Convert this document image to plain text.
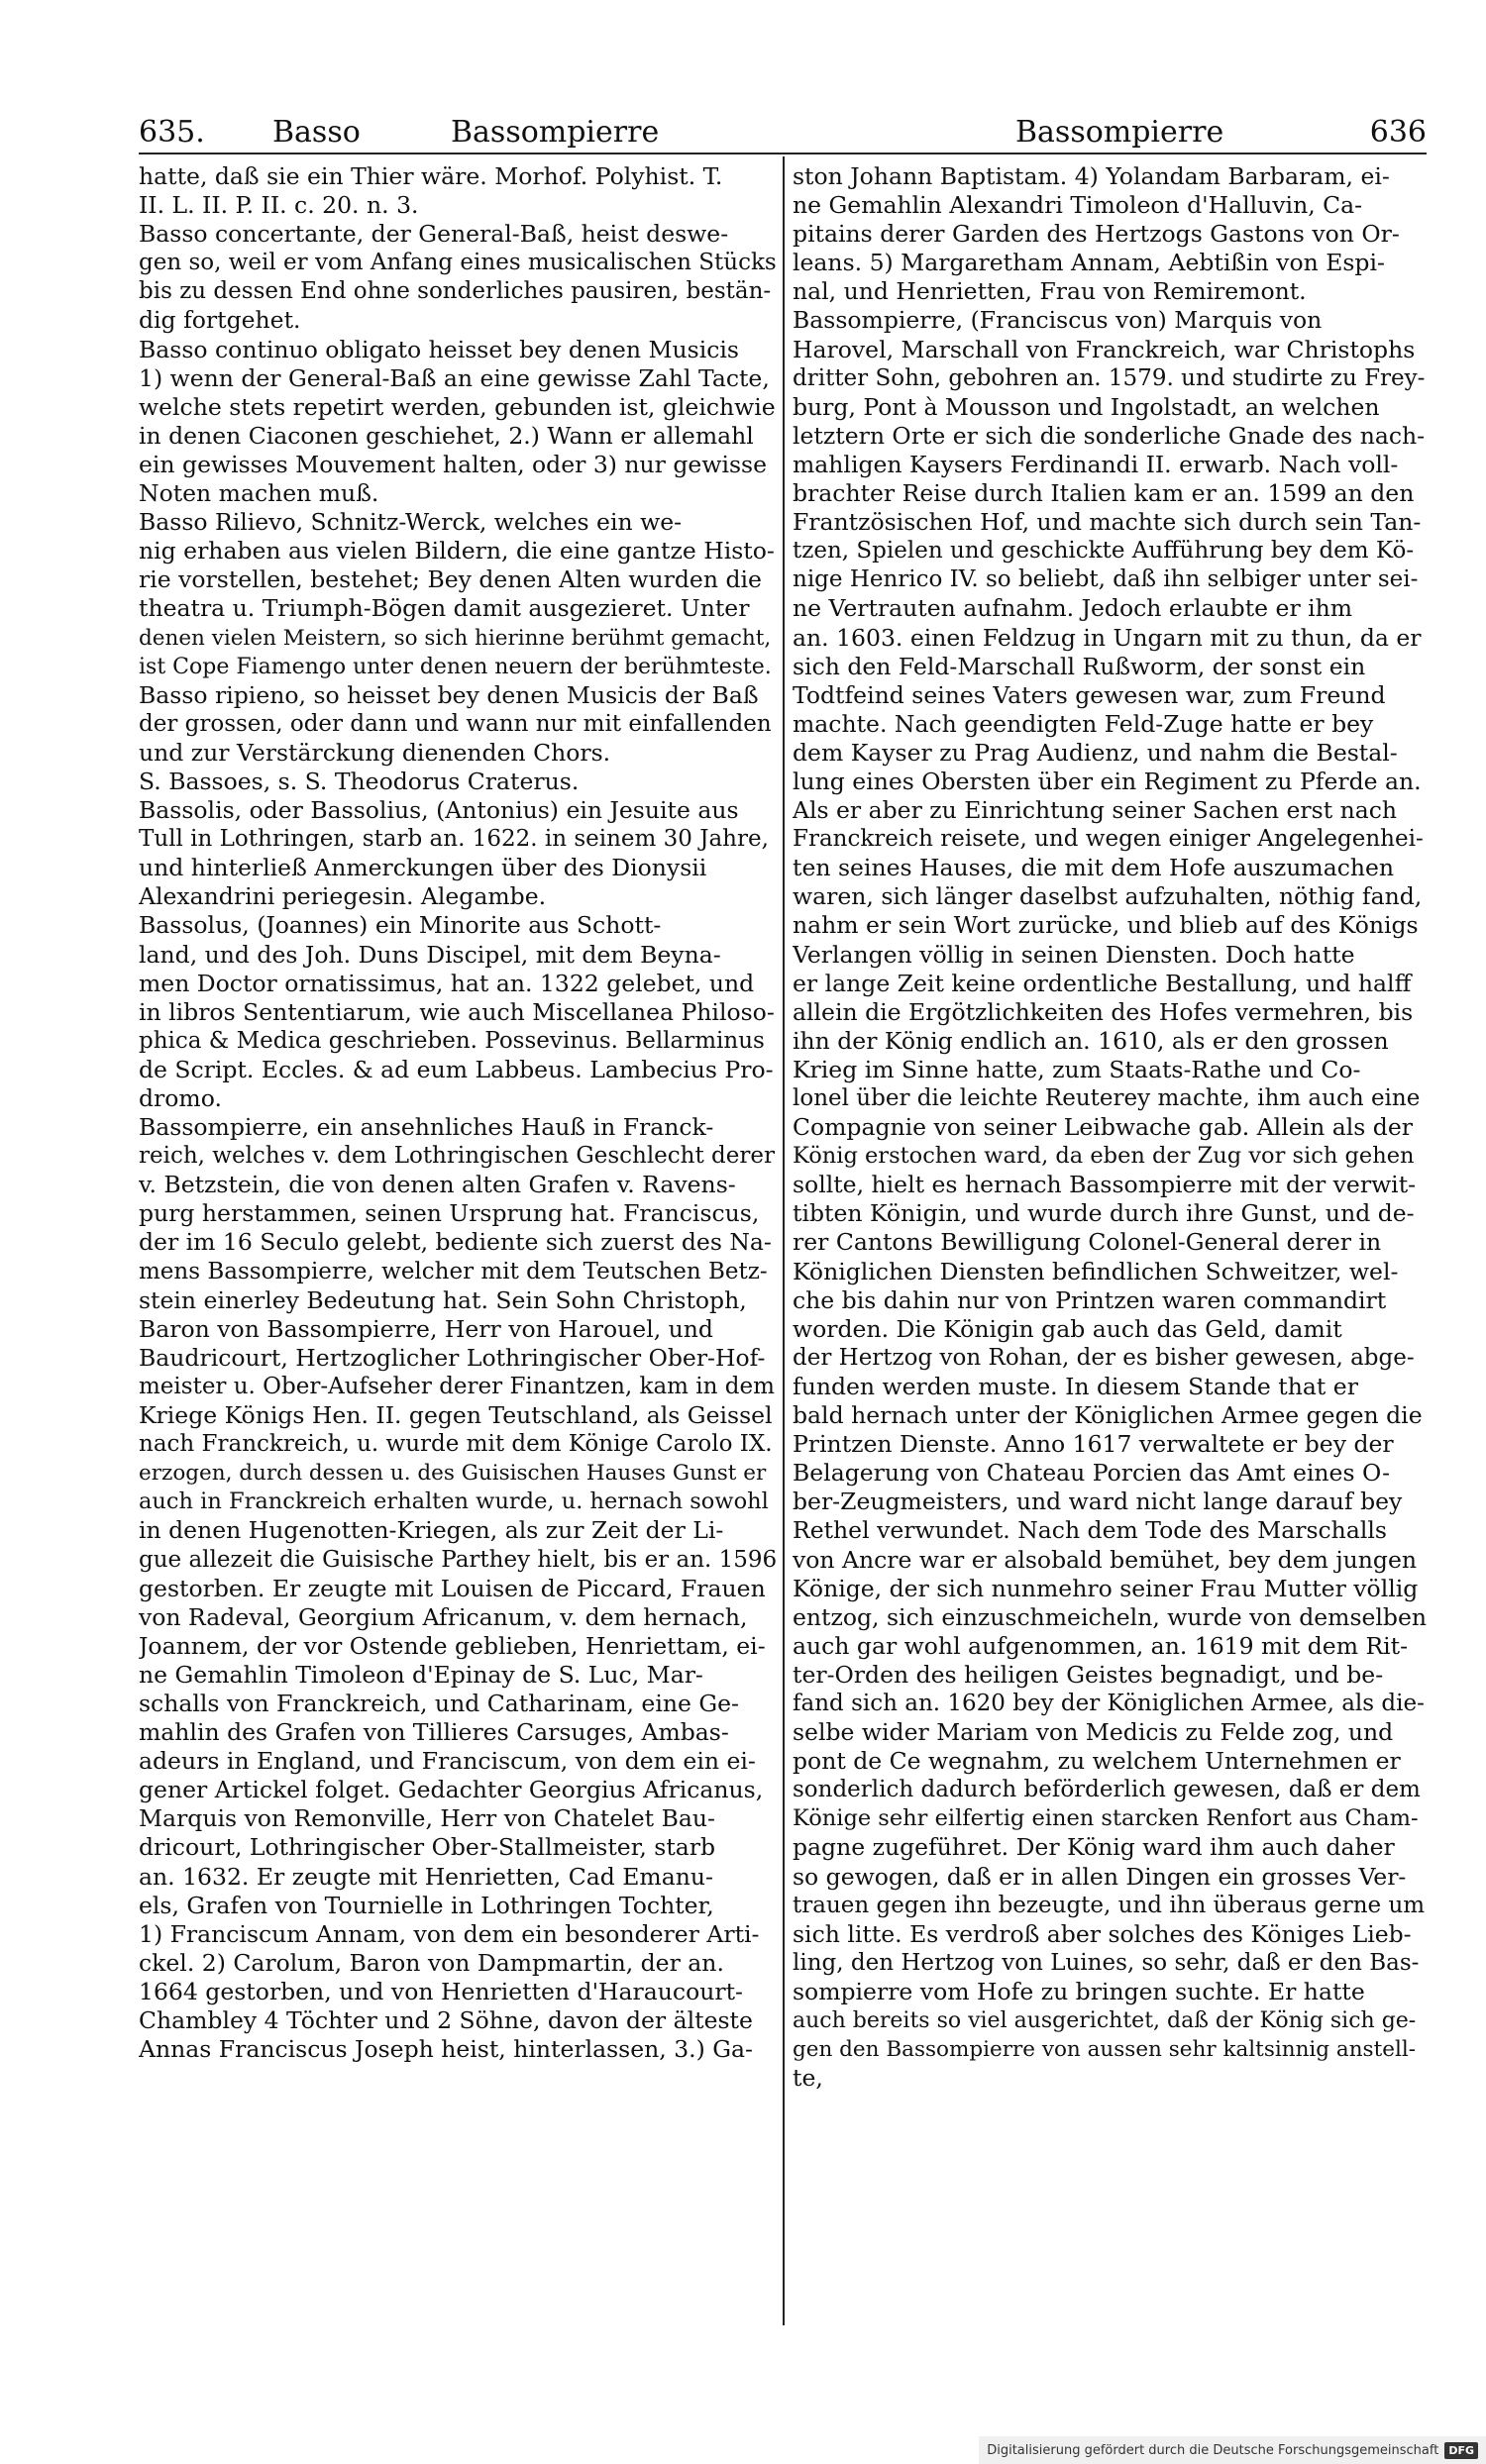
635. Basso	Bassompierre	Bassompierre	636
hatte, daß sie ein Thier wäre. Morhof. Polyhist. T.
II. L. II. P. II. c. 20. n. 3.
Basso concertante, der General-Baß, heist deswe-
gen so, weil er vom Anfang eines musicalischen Stücks
bis zu dessen End ohne sonderliches pausiren, bestän-
dig fortgehet.
Basso continuo obligato heisset bey denen Musicis
1) wenn der General-Baß an eine gewisse Zahl Tacte,
welche stets repetirt werden, gebunden ist, gleichwie
in denen Ciaconen geschiehet, 2.) Wann er allemahl
ein gewisses Mouvement halten, oder 3) nur gewisse
Noten machen muß.
Basso Rilievo, Schnitz-Werck, welches ein we-
nig erhaben aus vielen Bildern, die eine gantze Histo-
rie vorstellen, bestehet; Bey denen Alten wurden die
theatra u. Triumph-Bögen damit ausgezieret. Unter
denen vielen Meistern, so sich hierinne berühmt gemacht,
ist Cope Fiamengo unter denen neuern der berühmteste.
Basso ripieno, so heisset bey denen Musicis der Baß
der grossen, oder dann und wann nur mit einfallenden
und zur Verstärckung dienenden Chors.
S. Bassoes, s. S. Theodorus Craterus.
Bassolis, oder Bassolius, (Antonius) ein Jesuite aus
Tull in Lothringen, starb an. 1622. in seinem 30 Jahre,
und hinterließ Anmerckungen über des Dionysii
Alexandrini periegesin. Alegambe.
Bassolus, (Joannes) ein Minorite aus Schott-
land, und des Joh. Duns Discipel, mit dem Beyna-
men Doctor ornatissimus, hat an. 1322 gelebet, und
in libros Sententiarum, wie auch Miscellanea Philoso-
phica & Medica geschrieben. Possevinus. Bellarminus
de Script. Eccles. & ad eum Labbeus. Lambecius Pro-
dromo.
Bassompierre, ein ansehnliches Hauß in Franck-
reich, welches v. dem Lothringischen Geschlecht derer
v. Betzstein, die von denen alten Grafen v. Ravens-
purg herstammen, seinen Ursprung hat. Franciscus,
der im 16 Seculo gelebt, bediente sich zuerst des Na-
mens Bassompierre, welcher mit dem Teutschen Betz-
stein einerley Bedeutung hat. Sein Sohn Christoph,
Baron von Bassompierre, Herr von Harouel, und
Baudricourt, Hertzoglicher Lothringischer Ober-Hof-
meister u. Ober-Aufseher derer Finantzen, kam in dem
Kriege Königs Hen. II. gegen Teutschland, als Geissel
nach Franckreich, u. wurde mit dem Könige Carolo IX.
erzogen, durch dessen u. des Guisischen Hauses Gunst er
auch in Franckreich erhalten wurde, u. hernach sowohl
in denen Hugenotten-Kriegen, als zur Zeit der Li-
gue allezeit die Guisische Parthey hielt, bis er an. 1596
gestorben. Er zeugte mit Louisen de Piccard, Frauen
von Radeval, Georgium Africanum, v. dem hernach,
Joannem, der vor Ostende geblieben, Henriettam, ei-
ne Gemahlin Timoleon d'Epinay de S. Luc, Mar-
schalls von Franckreich, und Catharinam, eine Ge-
mahlin des Grafen von Tillieres Carsuges, Ambas-
adeurs in England, und Franciscum, von dem ein ei-
gener Artickel folget. Gedachter Georgius Africanus,
Marquis von Remonville, Herr von Chatelet Bau-
dricourt, Lothringischer Ober-Stallmeister, starb
an. 1632. Er zeugte mit Henrietten, Cad Emanu-
els, Grafen von Tournielle in Lothringen Tochter,
1) Franciscum Annam, von dem ein besonderer Arti-
ckel. 2) Carolum, Baron von Dampmartin, der an.
1664 gestorben, und von Henrietten d'Haraucourt-
Chambley 4 Töchter und 2 Söhne, davon der älteste
Annas Franciscus Joseph heist, hinterlassen, 3.) Ga-
ston Johann Baptistam. 4) Yolandam Barbaram, ei-
ne Gemahlin Alexandri Timoleon d'Halluvin, Ca-
pitains derer Garden des Hertzogs Gastons von Or-
leans. 5) Margaretham Annam, Aebtißin von Espi-
nal, und Henrietten, Frau von Remiremont.
Bassompierre, (Franciscus von) Marquis von
Harovel, Marschall von Franckreich, war Christophs
dritter Sohn, gebohren an. 1579. und studirte zu Frey-
burg, Pont à Mousson und Ingolstadt, an welchen
letztern Orte er sich die sonderliche Gnade des nach-
mahligen Kaysers Ferdinandi II. erwarb. Nach voll-
brachter Reise durch Italien kam er an. 1599 an den
Frantzösischen Hof, und machte sich durch sein Tan-
tzen, Spielen und geschickte Aufführung bey dem Kö-
nige Henrico IV. so beliebt, daß ihn selbiger unter sei-
ne Vertrauten aufnahm. Jedoch erlaubte er ihm
an. 1603. einen Feldzug in Ungarn mit zu thun, da er
sich den Feld-Marschall Rußworm, der sonst ein
Todtfeind seines Vaters gewesen war, zum Freund
machte. Nach geendigten Feld-Zuge hatte er bey
dem Kayser zu Prag Audienz, und nahm die Bestal-
lung eines Obersten über ein Regiment zu Pferde an.
Als er aber zu Einrichtung seiner Sachen erst nach
Franckreich reisete, und wegen einiger Angelegenhei-
ten seines Hauses, die mit dem Hofe auszumachen
waren, sich länger daselbst aufzuhalten, nöthig fand,
nahm er sein Wort zurücke, und blieb auf des Königs
Verlangen völlig in seinen Diensten. Doch hatte
er lange Zeit keine ordentliche Bestallung, und halff
allein die Ergötzlichkeiten des Hofes vermehren, bis
ihn der König endlich an. 1610, als er den grossen
Krieg im Sinne hatte, zum Staats-Rathe und Co-
lonel über die leichte Reuterey machte, ihm auch eine
Compagnie von seiner Leibwache gab. Allein als der
König erstochen ward, da eben der Zug vor sich gehen
sollte, hielt es hernach Bassompierre mit der verwit-
tibten Königin, und wurde durch ihre Gunst, und de-
rer Cantons Bewilligung Colonel-General derer in
Königlichen Diensten befindlichen Schweitzer, wel-
che bis dahin nur von Printzen waren commandirt
worden. Die Königin gab auch das Geld, damit
der Hertzog von Rohan, der es bisher gewesen, abge-
funden werden muste. In diesem Stande that er
bald hernach unter der Königlichen Armee gegen die
Printzen Dienste. Anno 1617 verwaltete er bey der
Belagerung von Chateau Porcien das Amt eines O-
ber-Zeugmeisters, und ward nicht lange darauf bey
Rethel verwundet. Nach dem Tode des Marschalls
von Ancre war er alsobald bemühet, bey dem jungen
Könige, der sich nunmehro seiner Frau Mutter völlig
entzog, sich einzuschmeicheln, wurde von demselben
auch gar wohl aufgenommen, an. 1619 mit dem Rit-
ter-Orden des heiligen Geistes begnadigt, und be-
fand sich an. 1620 bey der Königlichen Armee, als die-
selbe wider Mariam von Medicis zu Felde zog, und
pont de Ce wegnahm, zu welchem Unternehmen er
sonderlich dadurch beförderlich gewesen, daß er dem
Könige sehr eilfertig einen starcken Renfort aus Cham-
pagne zugeführet. Der König ward ihm auch daher
so gewogen, daß er in allen Dingen ein grosses Ver-
trauen gegen ihn bezeugte, und ihn überaus gerne um
sich litte. Es verdroß aber solches des Königes Lieb-
ling, den Hertzog von Luines, so sehr, daß er den Bas-
sompierre vom Hofe zu bringen suchte. Er hatte
auch bereits so viel ausgerichtet, daß der König sich ge-
gen den Bassompierre von aussen sehr kaltsinnig anstell-
te,
Digitalisierung gefördert durch die Deutsche Forschungsgemeinschaft DFG
